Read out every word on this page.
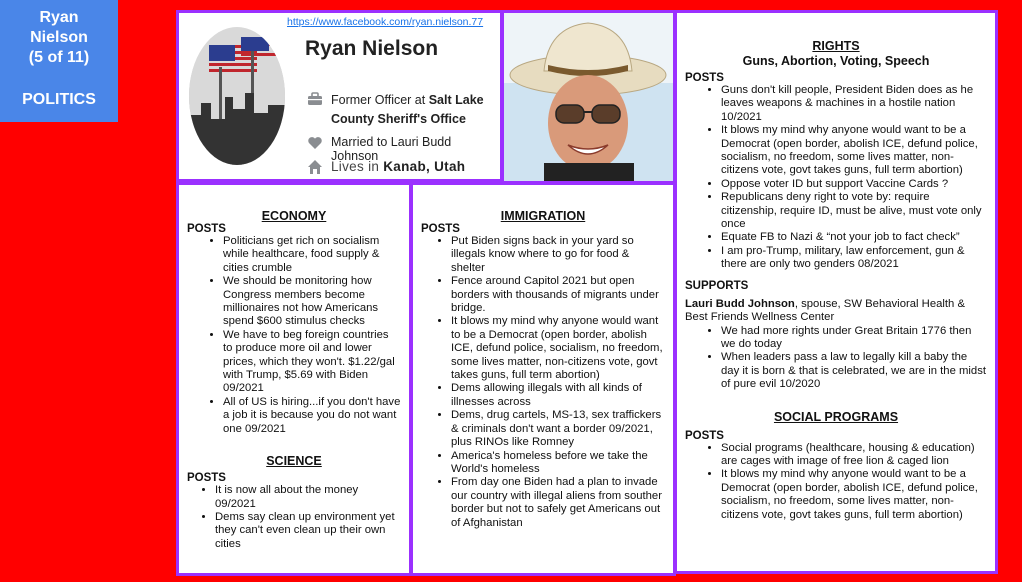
Ryan
Nielson
(5 of 11)
POLITICS
https://www.facebook.com/ryan.nielson.77
Ryan Nielson
Former Officer at Salt Lake County Sheriff's Office
Married to Lauri Budd Johnson
Lives in Kanab, Utah

RIGHTS

Guns, Abortion, Voting, Speech

POSTS

• Guns don't kill people, President Biden does as he leaves weapons & machines in a hostile nation 10/2021
• It blows my mind why anyone would want to be a Democrat (open border, abolish ICE, defund police, socialism, no freedom, some lives matter, non-citizens vote, govt takes guns, full term abortion)
• Oppose voter ID but support Vaccine Cards ?
• Republicans deny right to vote by: require citizenship, require ID, must be alive, must vote only once
• Equate FB to Nazi & “not your job to fact check”
• I am pro-Trump, military, law enforcement, gun & there are only two genders 08/2021

SUPPORTS

Lauri Budd Johnson, spouse, SW Behavioral Health & Best Friends Wellness Center

• We had more rights under Great Britain 1776 then we do today
• When leaders pass a law to legally kill a baby the day it is born & that is celebrated, we are in the midst of pure evil 10/2020

SOCIAL PROGRAMS

POSTS

• Social programs (healthcare, housing & education) are cages with image of free lion & caged lion
• It blows my mind why anyone would want to be a Democrat (open border, abolish ICE, defund police, socialism, no freedom, some lives matter, non-citizens vote, govt takes guns, full term abortion)

ECONOMY

POSTS

• Politicians get rich on socialism while healthcare, food supply & cities crumble
• We should be monitoring how Congress members become millionaires not how Americans spend $600 stimulus checks
• We have to beg foreign countries to produce more oil and lower prices, which they won't. $1.22/gal with Trump, $5.69 with Biden 09/2021
• All of US is hiring...if you don't have a job it is because you do not want one 09/2021

SCIENCE

POSTS

• It is now all about the money 09/2021
• Dems say clean up environment yet they can't even clean up their own cities

IMMIGRATION

POSTS

• Put Biden signs back in your yard so illegals know where to go for food & shelter
• Fence around Capitol 2021 but open borders with thousands of migrants under bridge.
• It blows my mind why anyone would want to be a Democrat (open border, abolish ICE, defund police, socialism, no freedom, some lives matter, non-citizens vote, govt takes guns, full term abortion)
• Dems allowing illegals with all kinds of illnesses across
• Dems, drug cartels, MS-13, sex traffickers & criminals don't want a border 09/2021, plus RINOs like Romney
• America's homeless before we take the World's homeless
• From day one Biden had a plan to invade our country with illegal aliens from souther border but not to safely get Americans out of Afghanistan
